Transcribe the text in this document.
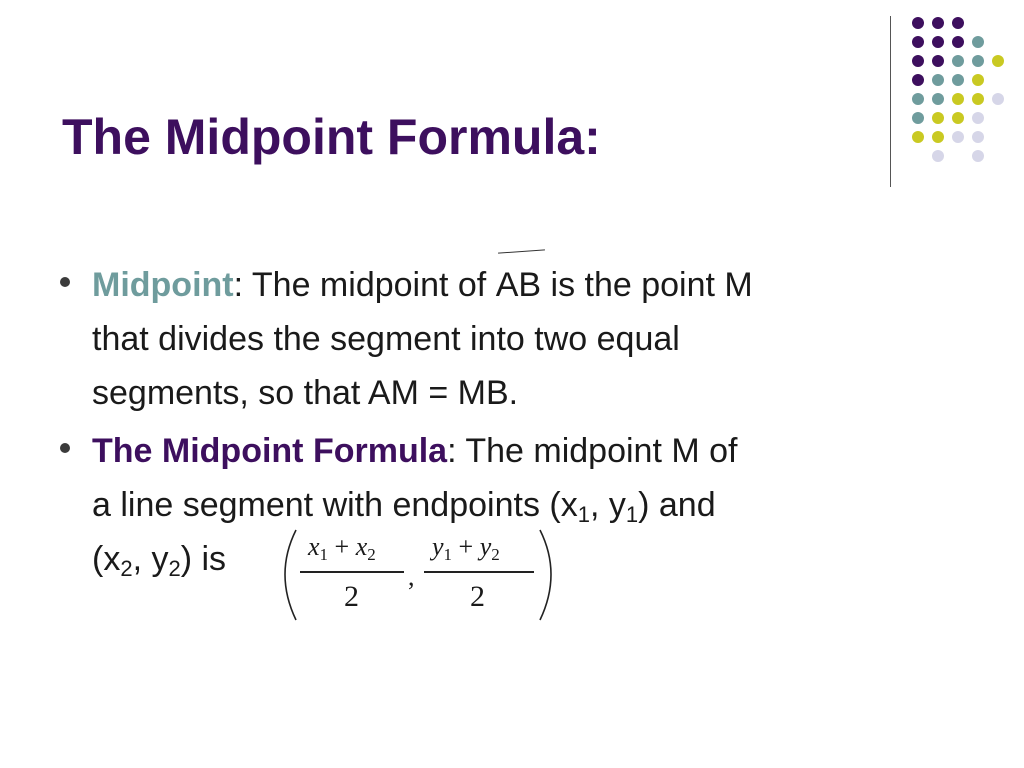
The Midpoint Formula:
Midpoint: The midpoint of AB is the point M
that divides the segment into two equal
segments, so that AM = MB.
The Midpoint Formula: The midpoint M of
a line segment with endpoints ($x_1$, $y_1$) and
($x_2$, $y_2$) is	$x_1 + x_2$
2
,
$y_1 + y_2$
2
